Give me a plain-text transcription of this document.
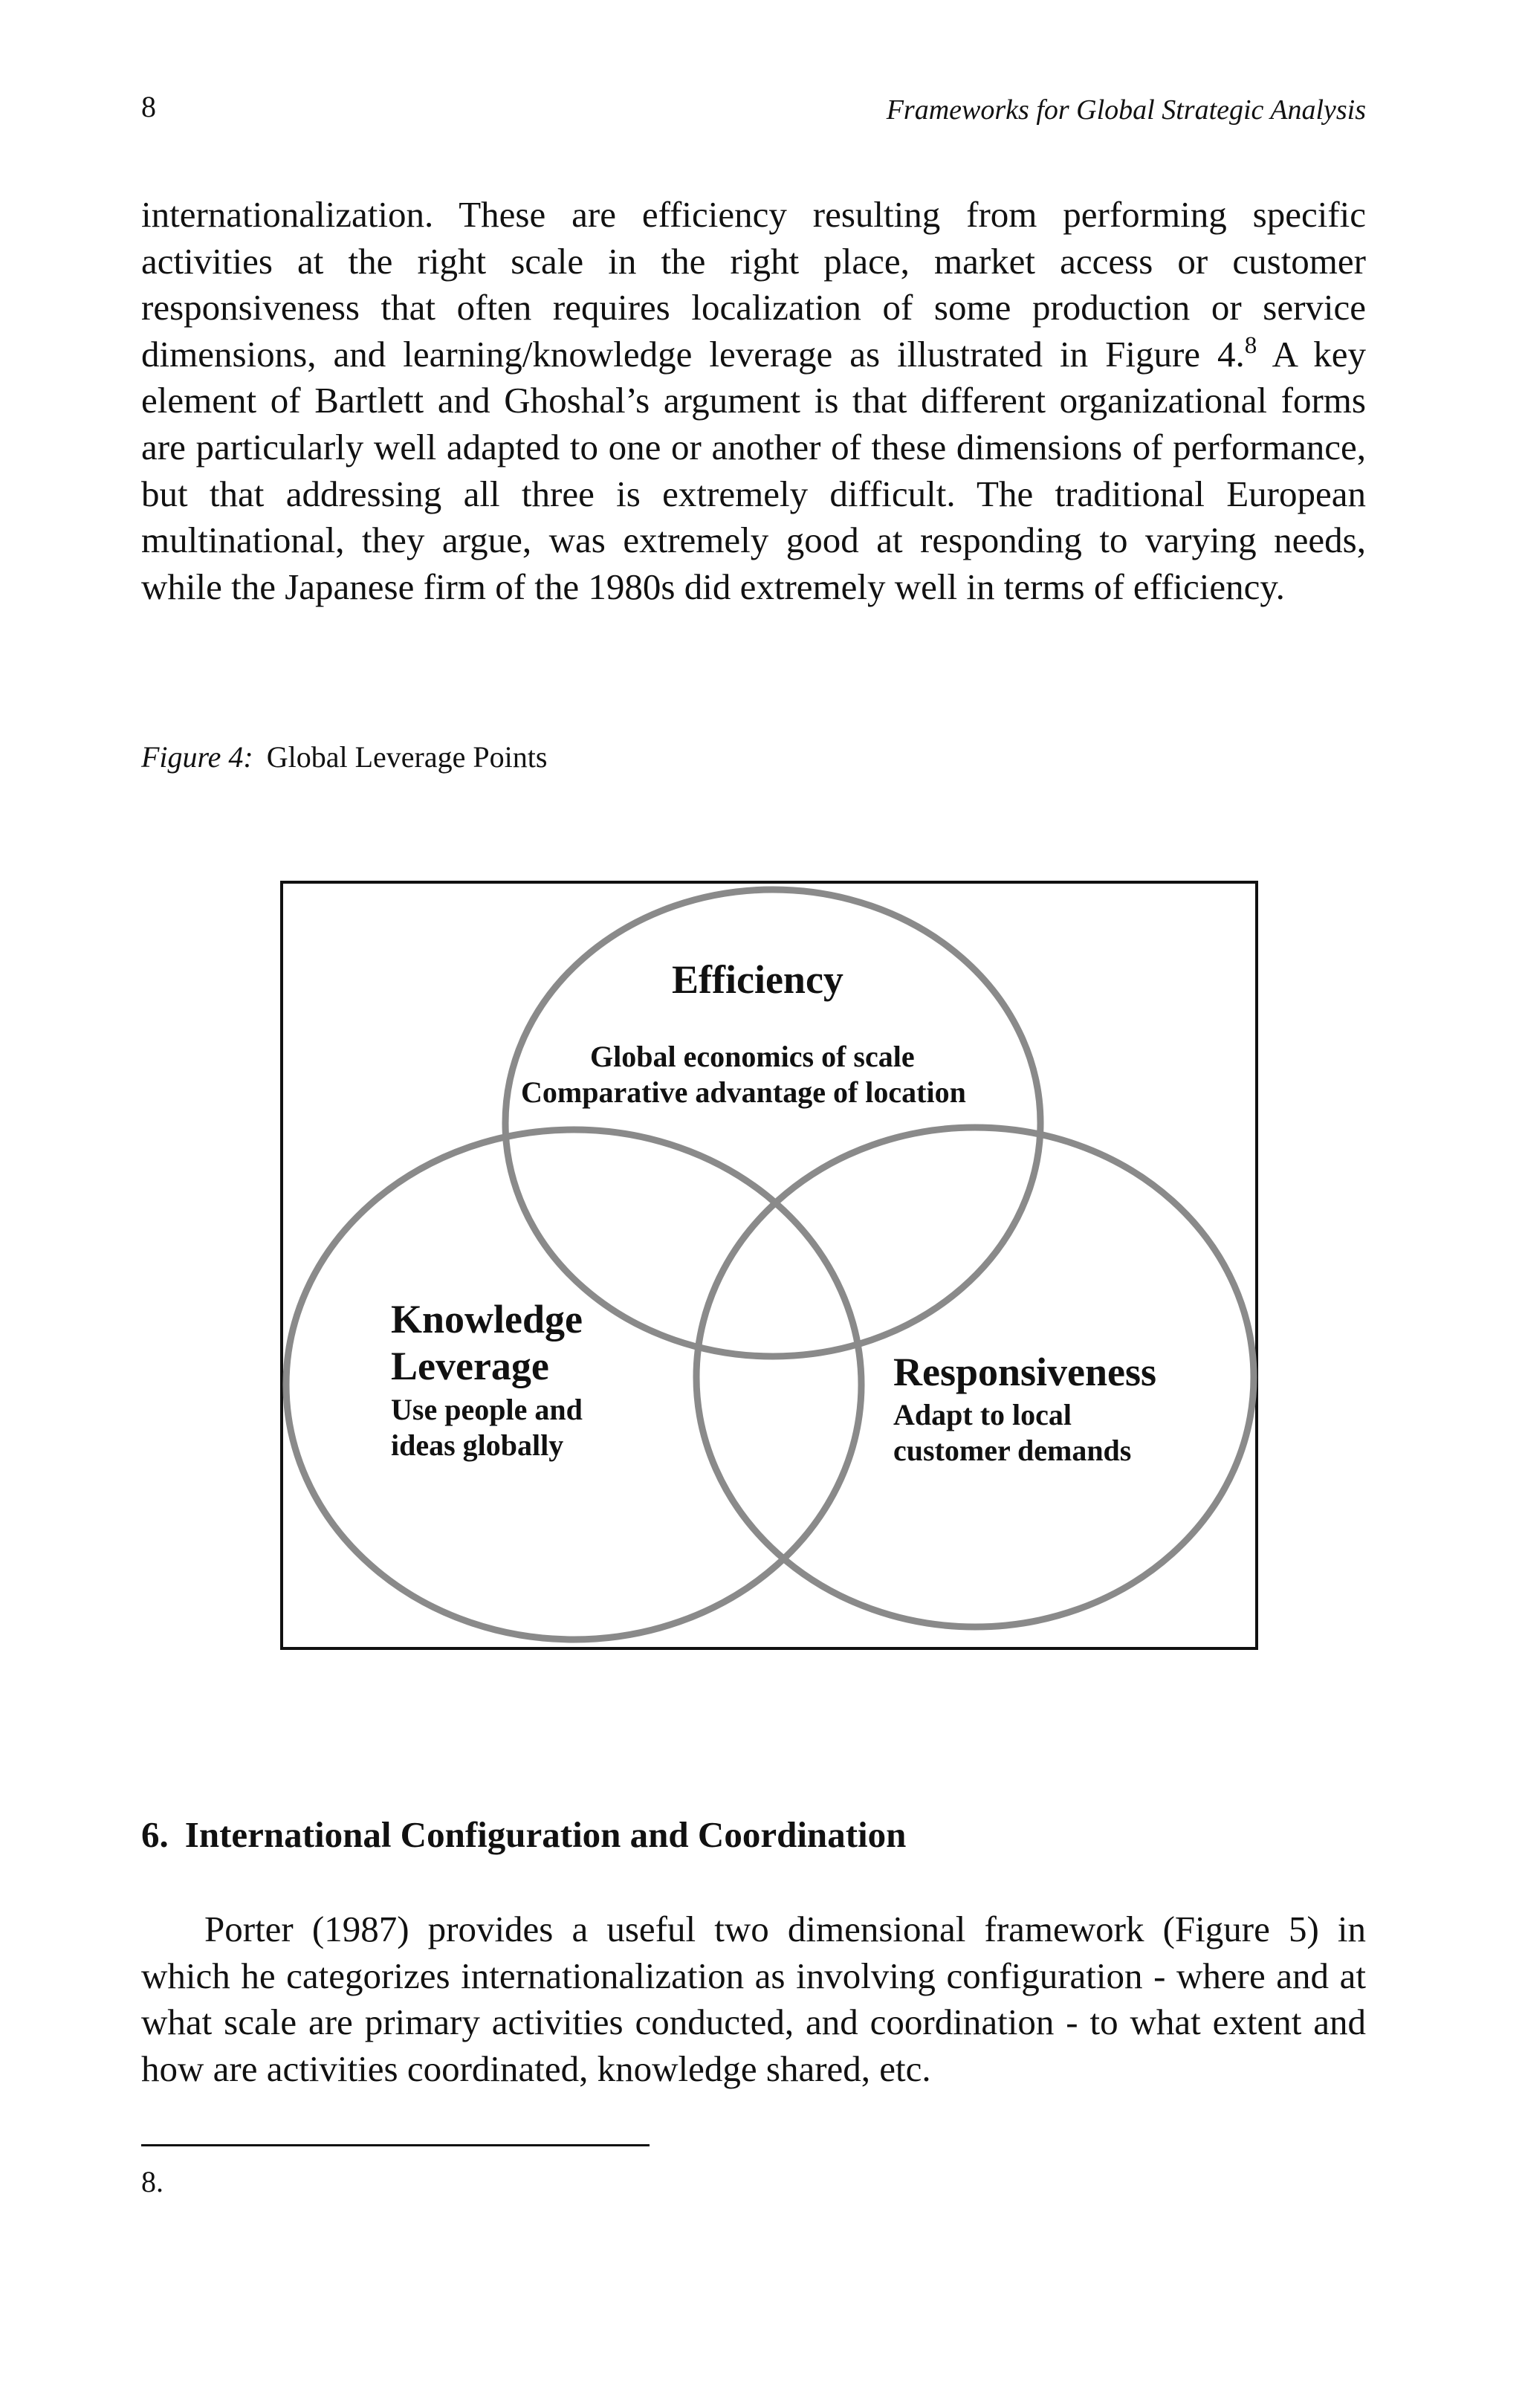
8	Frameworks for Global Strategic Analysis

internationalization. These are efficiency resulting from performing specific activities at the right scale in the right place, market access or customer responsiveness that often requires localization of some production or service dimensions, and learning/knowledge leverage as illustrated in Figure 4.$^8$ A key element of Bartlett and Ghoshal’s argument is that different organizational forms are particularly well adapted to one or another of these dimensions of performance, but that addressing all three is extremely difficult. The traditional European multinational, they argue, was extremely good at responding to varying needs, while the Japanese firm of the 1980s did extremely well in terms of efficiency.

Figure 4: Global Leverage Points
Efficiency
Global economics of scale
Comparative advantage of location
Knowledge
Leverage
Use people and
ideas globally
Responsiveness
Adapt to local
customer demands
6. International Configuration and Coordination

Porter (1987) provides a useful two dimensional framework (Figure 5) in which he categorizes internationalization as involving configuration - where and at what scale are primary activities conducted, and coordination - to what extent and how are activities coordinated, knowledge shared, etc.

8.
